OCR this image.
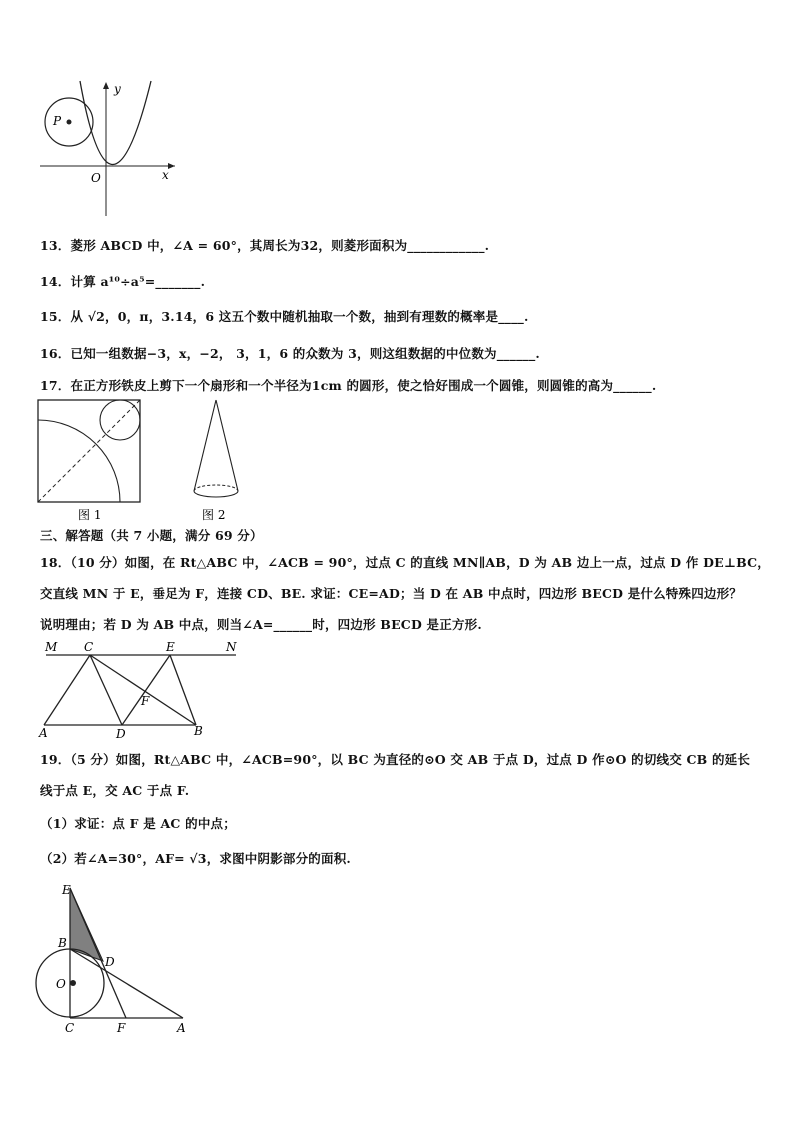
P
y
x
O
13．菱形 ABCD 中，∠A = 60°，其周长为32，则菱形面积为____________.
14．计算 a¹⁰÷a⁵=_______.
15．从 √2，0，π，3.14，6 这五个数中随机抽取一个数，抽到有理数的概率是____.
16．已知一组数据−3，x，−2， 3，1，6 的众数为 3，则这组数据的中位数为______.
17．在正方形铁皮上剪下一个扇形和一个半径为1cm 的圆形，使之恰好围成一个圆锥，则圆锥的高为______.
图 1	图 2
三、解答题（共 7 小题，满分 69 分）
18．（10 分）如图，在 Rt△ABC 中，∠ACB = 90°，过点 C 的直线 MN∥AB，D 为 AB 边上一点，过点 D 作 DE⊥BC，
交直线 MN 于 E，垂足为 F，连接 CD、BE. 求证：CE=AD；当 D 在 AB 中点时，四边形 BECD 是什么特殊四边形？
说明理由；若 D 为 AB 中点，则当∠A=______时，四边形 BECD 是正方形.
M C	E	N
F
A	D	B
19．（5 分）如图，Rt△ABC 中，∠ACB=90°，以 BC 为直径的⊙O 交 AB 于点 D，过点 D 作⊙O 的切线交 CB 的延长
线于点 E，交 AC 于点 F.
（1）求证：点 F 是 AC 的中点；
（2）若∠A=30°，AF= √3，求图中阴影部分的面积.
E
B
D
O
C	F	A
